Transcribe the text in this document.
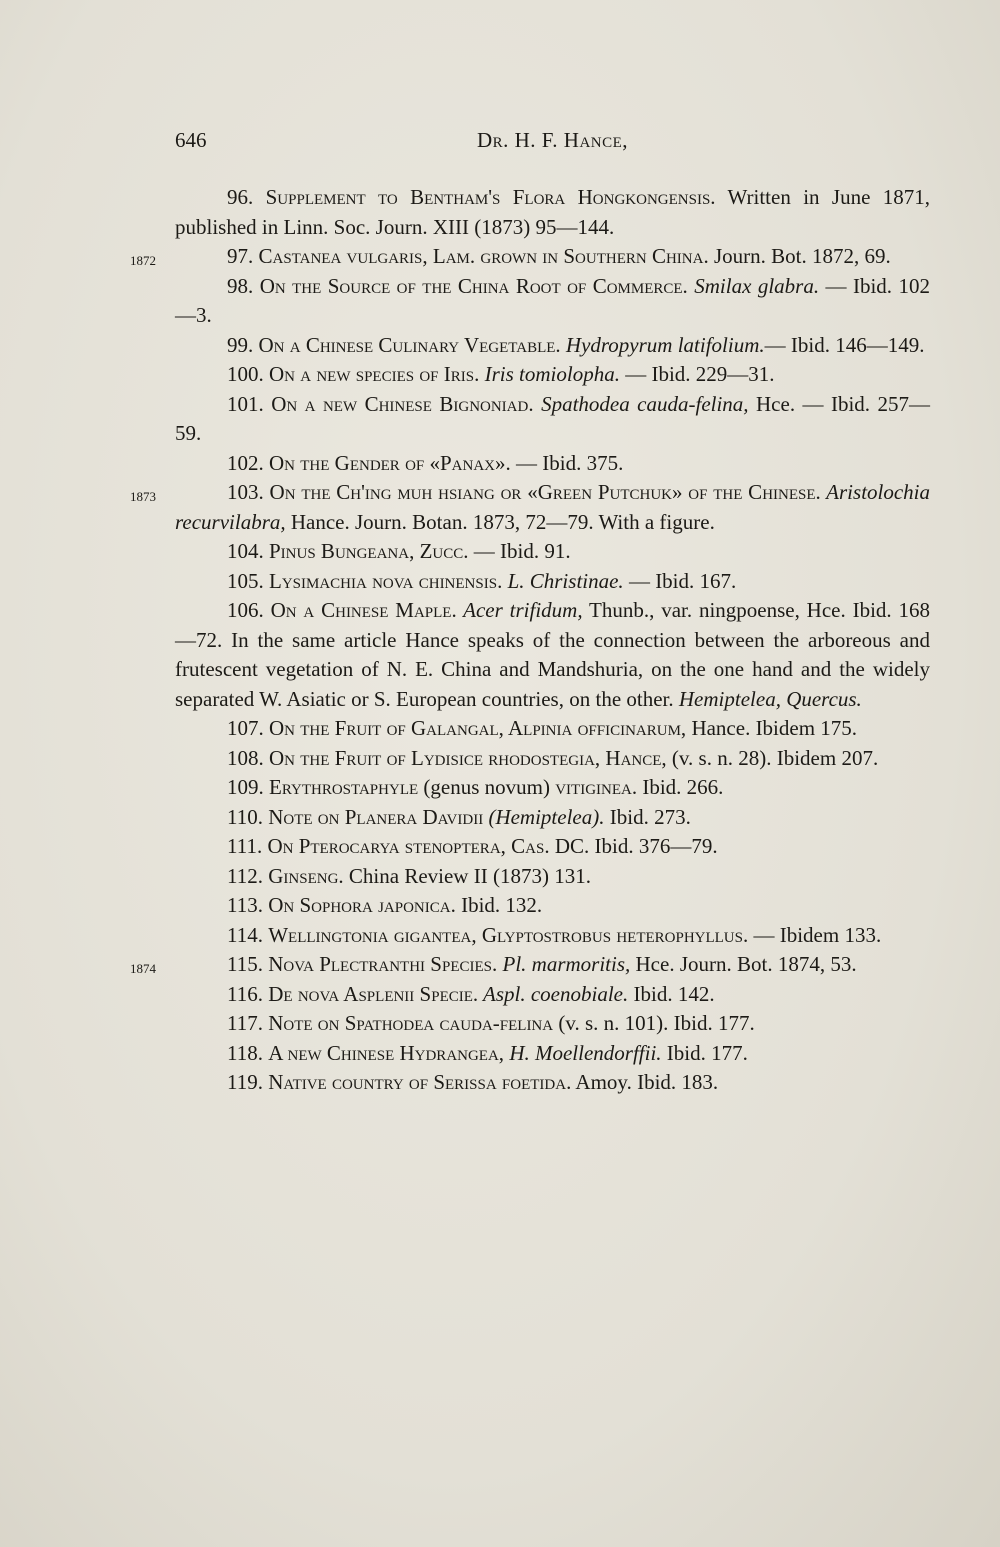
646	Dr. H. F. Hance,

96. Supplement to Bentham's Flora Hongkongensis. Written in June 1871, published in Linn. Soc. Journ. XIII (1873) 95—144.

1872	97. Castanea vulgaris, Lam. grown in Southern China. Journ. Bot. 1872, 69.

98. On the Source of the China Root of Commerce. Smilax glabra. — Ibid. 102—3.

99. On a Chinese Culinary Vegetable. Hydropyrum latifolium.— Ibid. 146—149.

100. On a new species of Iris. Iris tomiolopha. — Ibid. 229—31.

101. On a new Chinese Bignoniad. Spathodea cauda-felina, Hce. — Ibid. 257—59.

102. On the Gender of «Panax». — Ibid. 375.

1873	103. On the Ch'ing muh hsiang or «Green Putchuk» of the Chinese. Aristolochia recurvilabra, Hance. Journ. Botan. 1873, 72—79. With a figure.

104. Pinus Bungeana, Zucc. — Ibid. 91.

105. Lysimachia nova chinensis. L. Christinae. — Ibid. 167.

106. On a Chinese Maple. Acer trifidum, Thunb., var. ningpoense, Hce. Ibid. 168—72. In the same article Hance speaks of the connection between the arboreous and frutescent vegetation of N. E. China and Mandshuria, on the one hand and the widely separated W. Asiatic or S. European countries, on the other. Hemiptelea, Quercus.

107. On the Fruit of Galangal, Alpinia officinarum, Hance. Ibidem 175.

108. On the Fruit of Lydisice rhodostegia, Hance, (v. s. n. 28). Ibidem 207.

109. Erythrostaphyle (genus novum) vitiginea. Ibid. 266.

110. Note on Planera Davidii (Hemiptelea). Ibid. 273.

111. On Pterocarya stenoptera, Cas. DC. Ibid. 376—79.

112. Ginseng. China Review II (1873) 131.

113. On Sophora japonica. Ibid. 132.

114. Wellingtonia gigantea, Glyptostrobus heterophyllus. — Ibidem 133.

1874	115. Nova Plectranthi Species. Pl. marmoritis, Hce. Journ. Bot. 1874, 53.

116. De nova Asplenii Specie. Aspl. coenobiale. Ibid. 142.

117. Note on Spathodea cauda-felina (v. s. n. 101). Ibid. 177.

118. A new Chinese Hydrangea, H. Moellendorffii. Ibid. 177.

119. Native country of Serissa foetida. Amoy. Ibid. 183.
